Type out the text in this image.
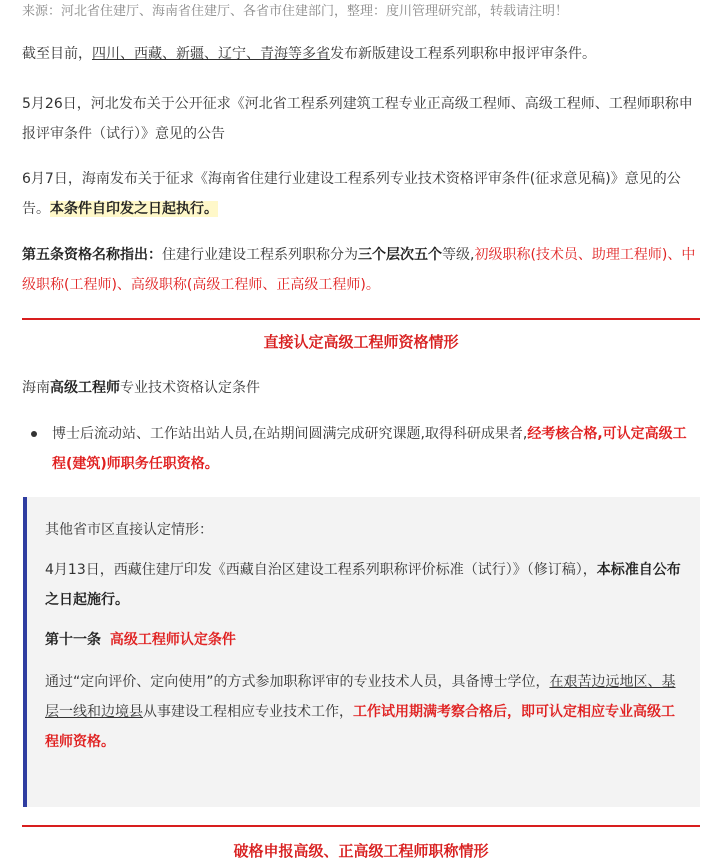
来源：河北省住建厅、海南省住建厅、各省市住建部门，整理：度川管理研究部，转载请注明！

截至目前，四川、西藏、新疆、辽宁、青海等多省发布新版建设工程系列职称申报评审条件。

5月26日，河北发布关于公开征求《河北省工程系列建筑工程专业正高级工程师、高级工程师、工程师职称申报评审条件（试行）》意见的公告

6月7日，海南发布关于征求《海南省住建行业建设工程系列专业技术资格评审条件(征求意见稿)》意见的公告。本条件自印发之日起执行。

第五条资格名称指出：住建行业建设工程系列职称分为三个层次五个等级,初级职称(技术员、助理工程师)、中级职称(工程师)、高级职称(高级工程师、正高级工程师)。

直接认定高级工程师资格情形

海南高级工程师专业技术资格认定条件

博士后流动站、工作站出站人员,在站期间圆满完成研究课题,取得科研成果者,经考核合格,可认定高级工程(建筑)师职务任职资格。

其他省市区直接认定情形：

4月13日，西藏住建厅印发《西藏自治区建设工程系列职称评价标准（试行）》（修订稿），本标准自公布之日起施行。

第十一条 高级工程师认定条件

通过“定向评价、定向使用”的方式参加职称评审的专业技术人员，具备博士学位，在艰苦边远地区、基层一线和边境县从事建设工程相应专业技术工作，工作试用期满考察合格后，即可认定相应专业高级工程师资格。

破格申报高级、正高级工程师职称情形
